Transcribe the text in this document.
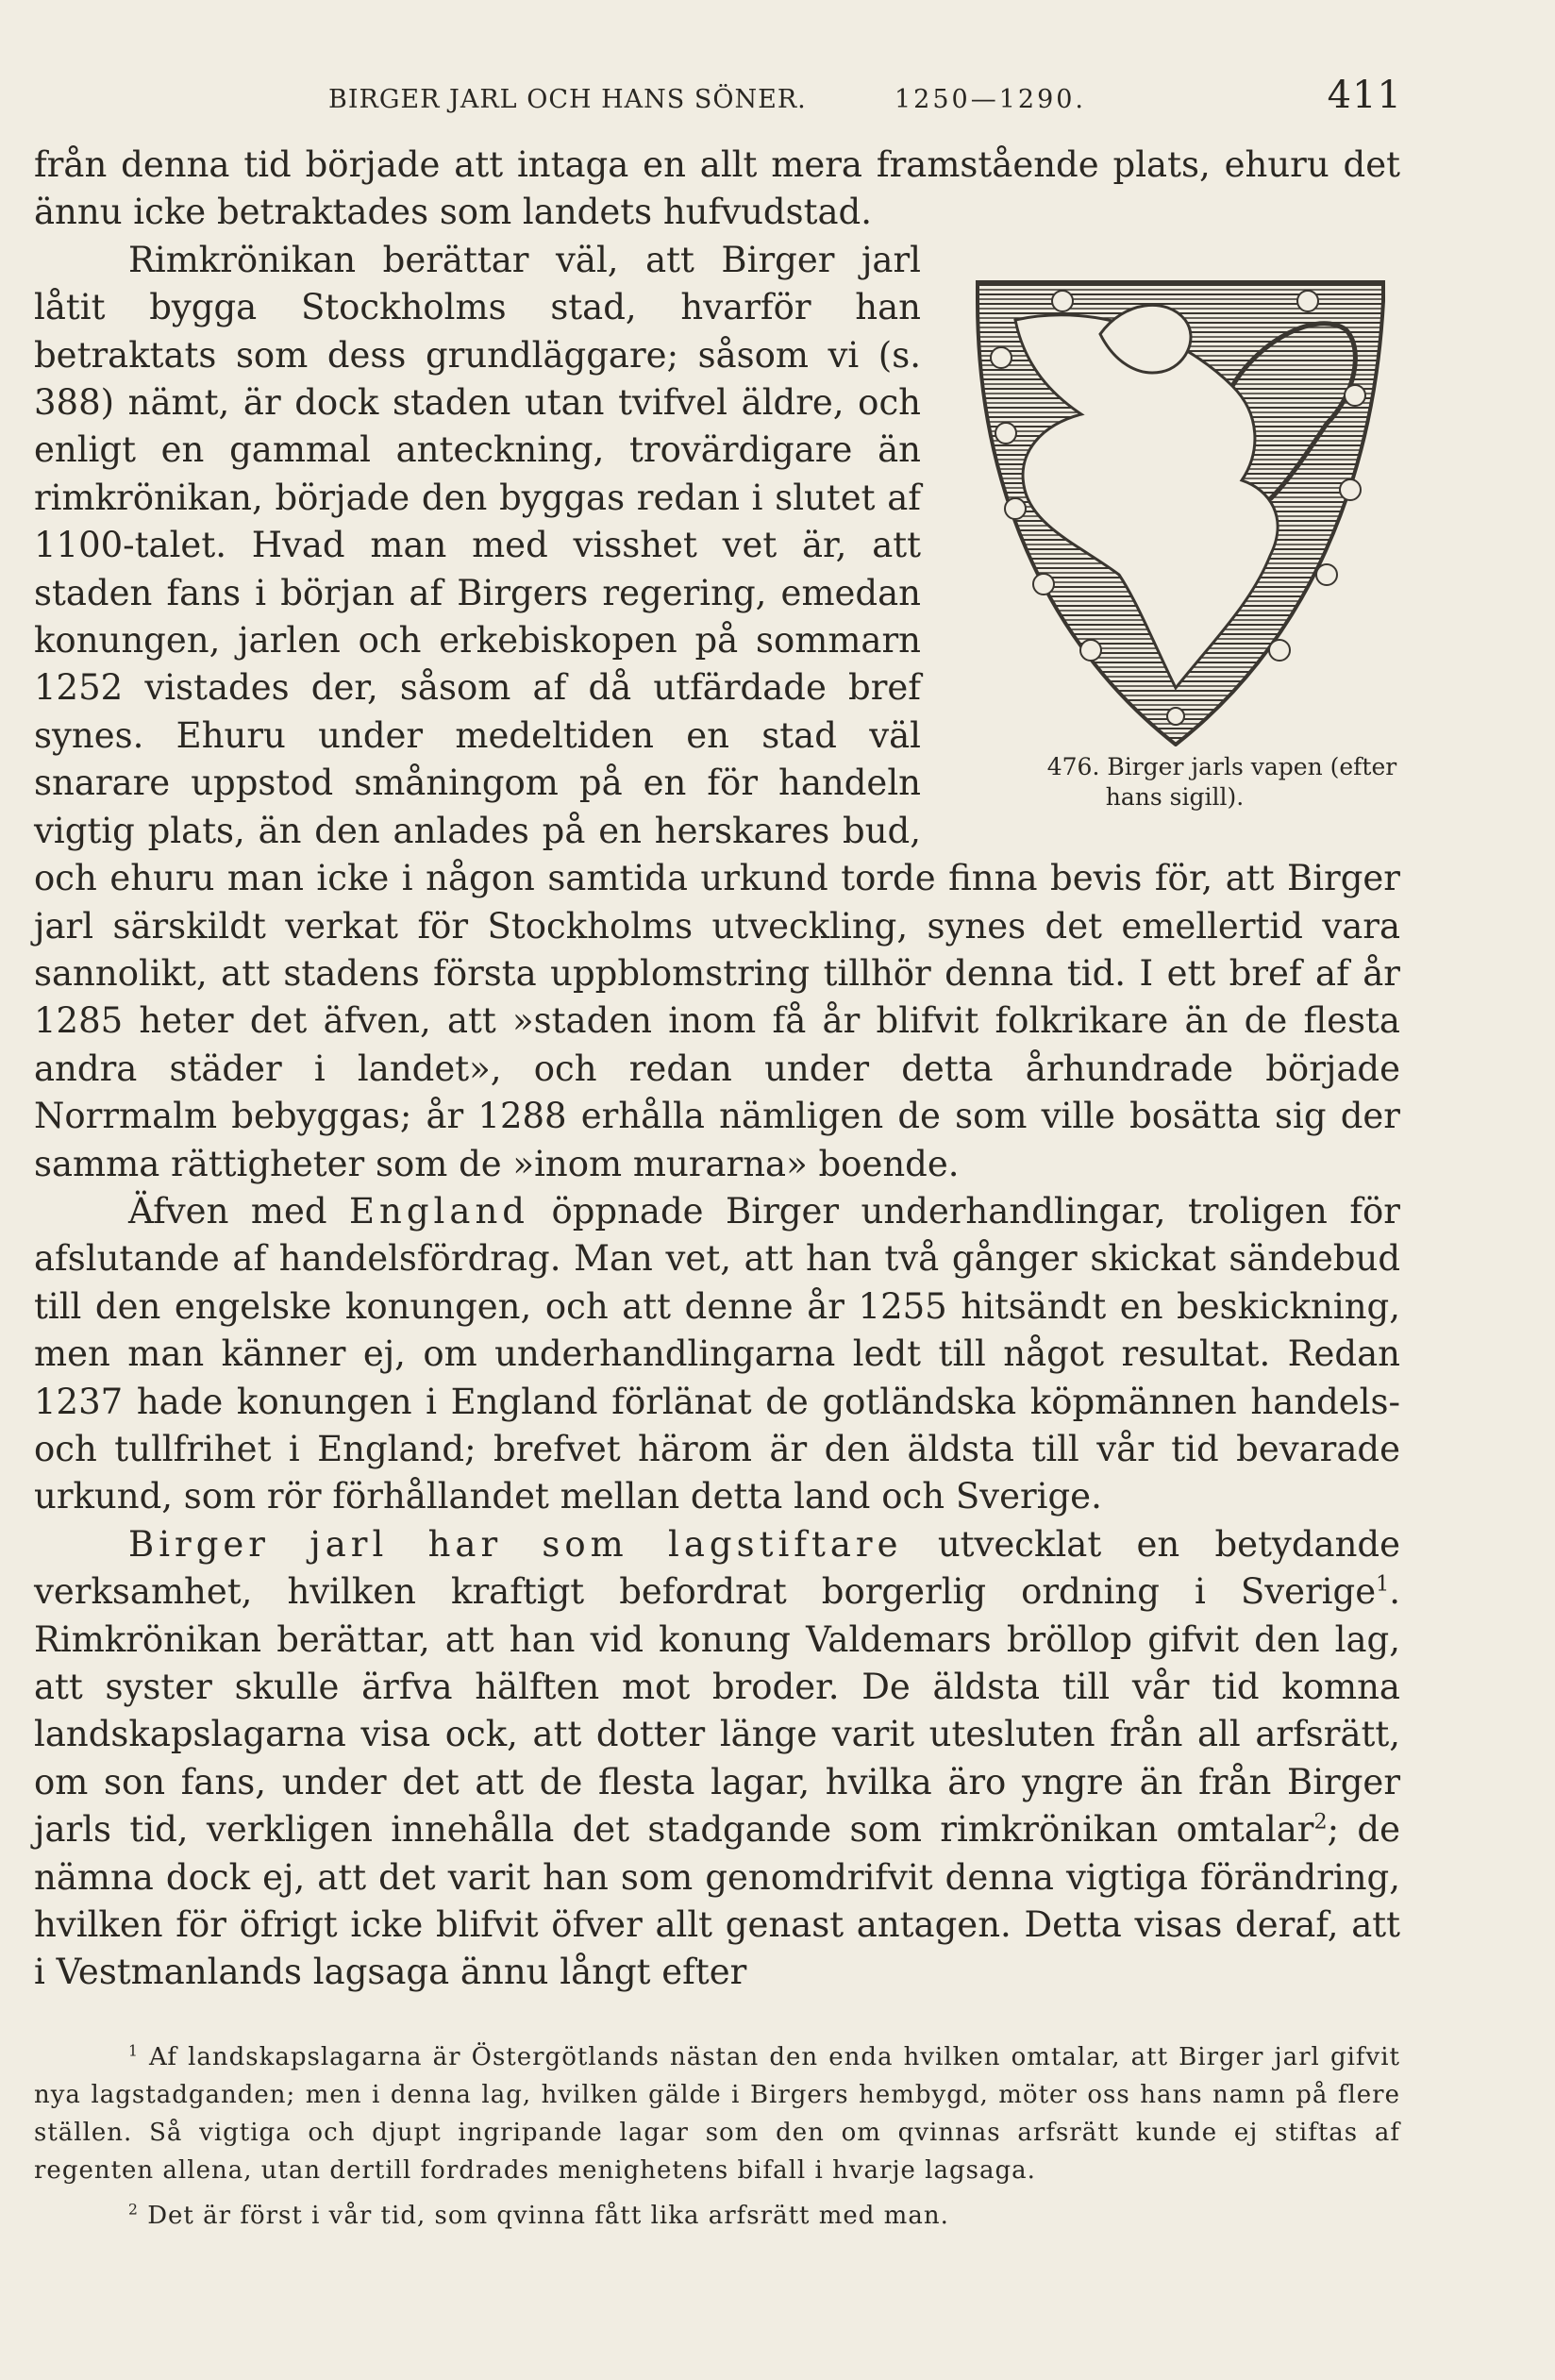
BIRGER JARL OCH HANS SÖNER.	1250—1290.	411

från denna tid började att intaga en allt mera framstående plats, ehuru det ännu icke betraktades som landets hufvudstad.

476. Birger jarls vapen (efter hans sigill).
Rimkrönikan berättar väl, att Birger jarl låtit bygga Stockholms stad, hvarför han betraktats som dess grundläggare; såsom vi (s. 388) nämt, är dock staden utan tvifvel äldre, och enligt en gammal anteckning, trovärdigare än rimkrönikan, började den byggas redan i slutet af 1100-talet. Hvad man med visshet vet är, att staden fans i början af Birgers regering, emedan konungen, jarlen och erkebiskopen på sommarn 1252 vistades der, såsom af då utfärdade bref synes. Ehuru under medeltiden en stad väl snarare uppstod småningom på en för handeln vigtig plats, än den anlades på en herskares bud, och ehuru man icke i någon samtida urkund torde finna bevis för, att Birger jarl särskildt verkat för Stockholms utveckling, synes det emellertid vara sannolikt, att stadens första uppblomstring tillhör denna tid. I ett bref af år 1285 heter det äfven, att »staden inom få år blifvit folkrikare än de flesta andra städer i landet», och redan under detta århundrade började Norrmalm bebyggas; år 1288 erhålla nämligen de som ville bosätta sig der samma rättigheter som de »inom murarna» boende.

Äfven med England öppnade Birger underhandlingar, troligen för afslutande af handelsfördrag. Man vet, att han två gånger skickat sändebud till den engelske konungen, och att denne år 1255 hitsändt en beskickning, men man känner ej, om underhandlingarna ledt till något resultat. Redan 1237 hade konungen i England förlänat de gotländska köpmännen handels- och tullfrihet i England; brefvet härom är den äldsta till vår tid bevarade urkund, som rör förhållandet mellan detta land och Sverige.

Birger jarl har som lagstiftare utvecklat en betydande verksamhet, hvilken kraftigt befordrat borgerlig ordning i Sverige$^1$. Rimkrönikan berättar, att han vid konung Valdemars bröllop gifvit den lag, att syster skulle ärfva hälften mot broder. De äldsta till vår tid komna landskapslagarna visa ock, att dotter länge varit utesluten från all arfsrätt, om son fans, under det att de flesta lagar, hvilka äro yngre än från Birger jarls tid, verkligen innehålla det stadgande som rimkrönikan omtalar$^2$; de nämna dock ej, att det varit han som genomdrifvit denna vigtiga förändring, hvilken för öfrigt icke blifvit öfver allt genast antagen. Detta visas deraf, att i Vestmanlands lagsaga ännu långt efter

$^1$ Af landskapslagarna är Östergötlands nästan den enda hvilken omtalar, att Birger jarl gifvit nya lagstadganden; men i denna lag, hvilken gälde i Birgers hembygd, möter oss hans namn på flere ställen. Så vigtiga och djupt ingripande lagar som den om qvinnas arfsrätt kunde ej stiftas af regenten allena, utan dertill fordrades menighetens bifall i hvarje lagsaga.

$^2$ Det är först i vår tid, som qvinna fått lika arfsrätt med man.
